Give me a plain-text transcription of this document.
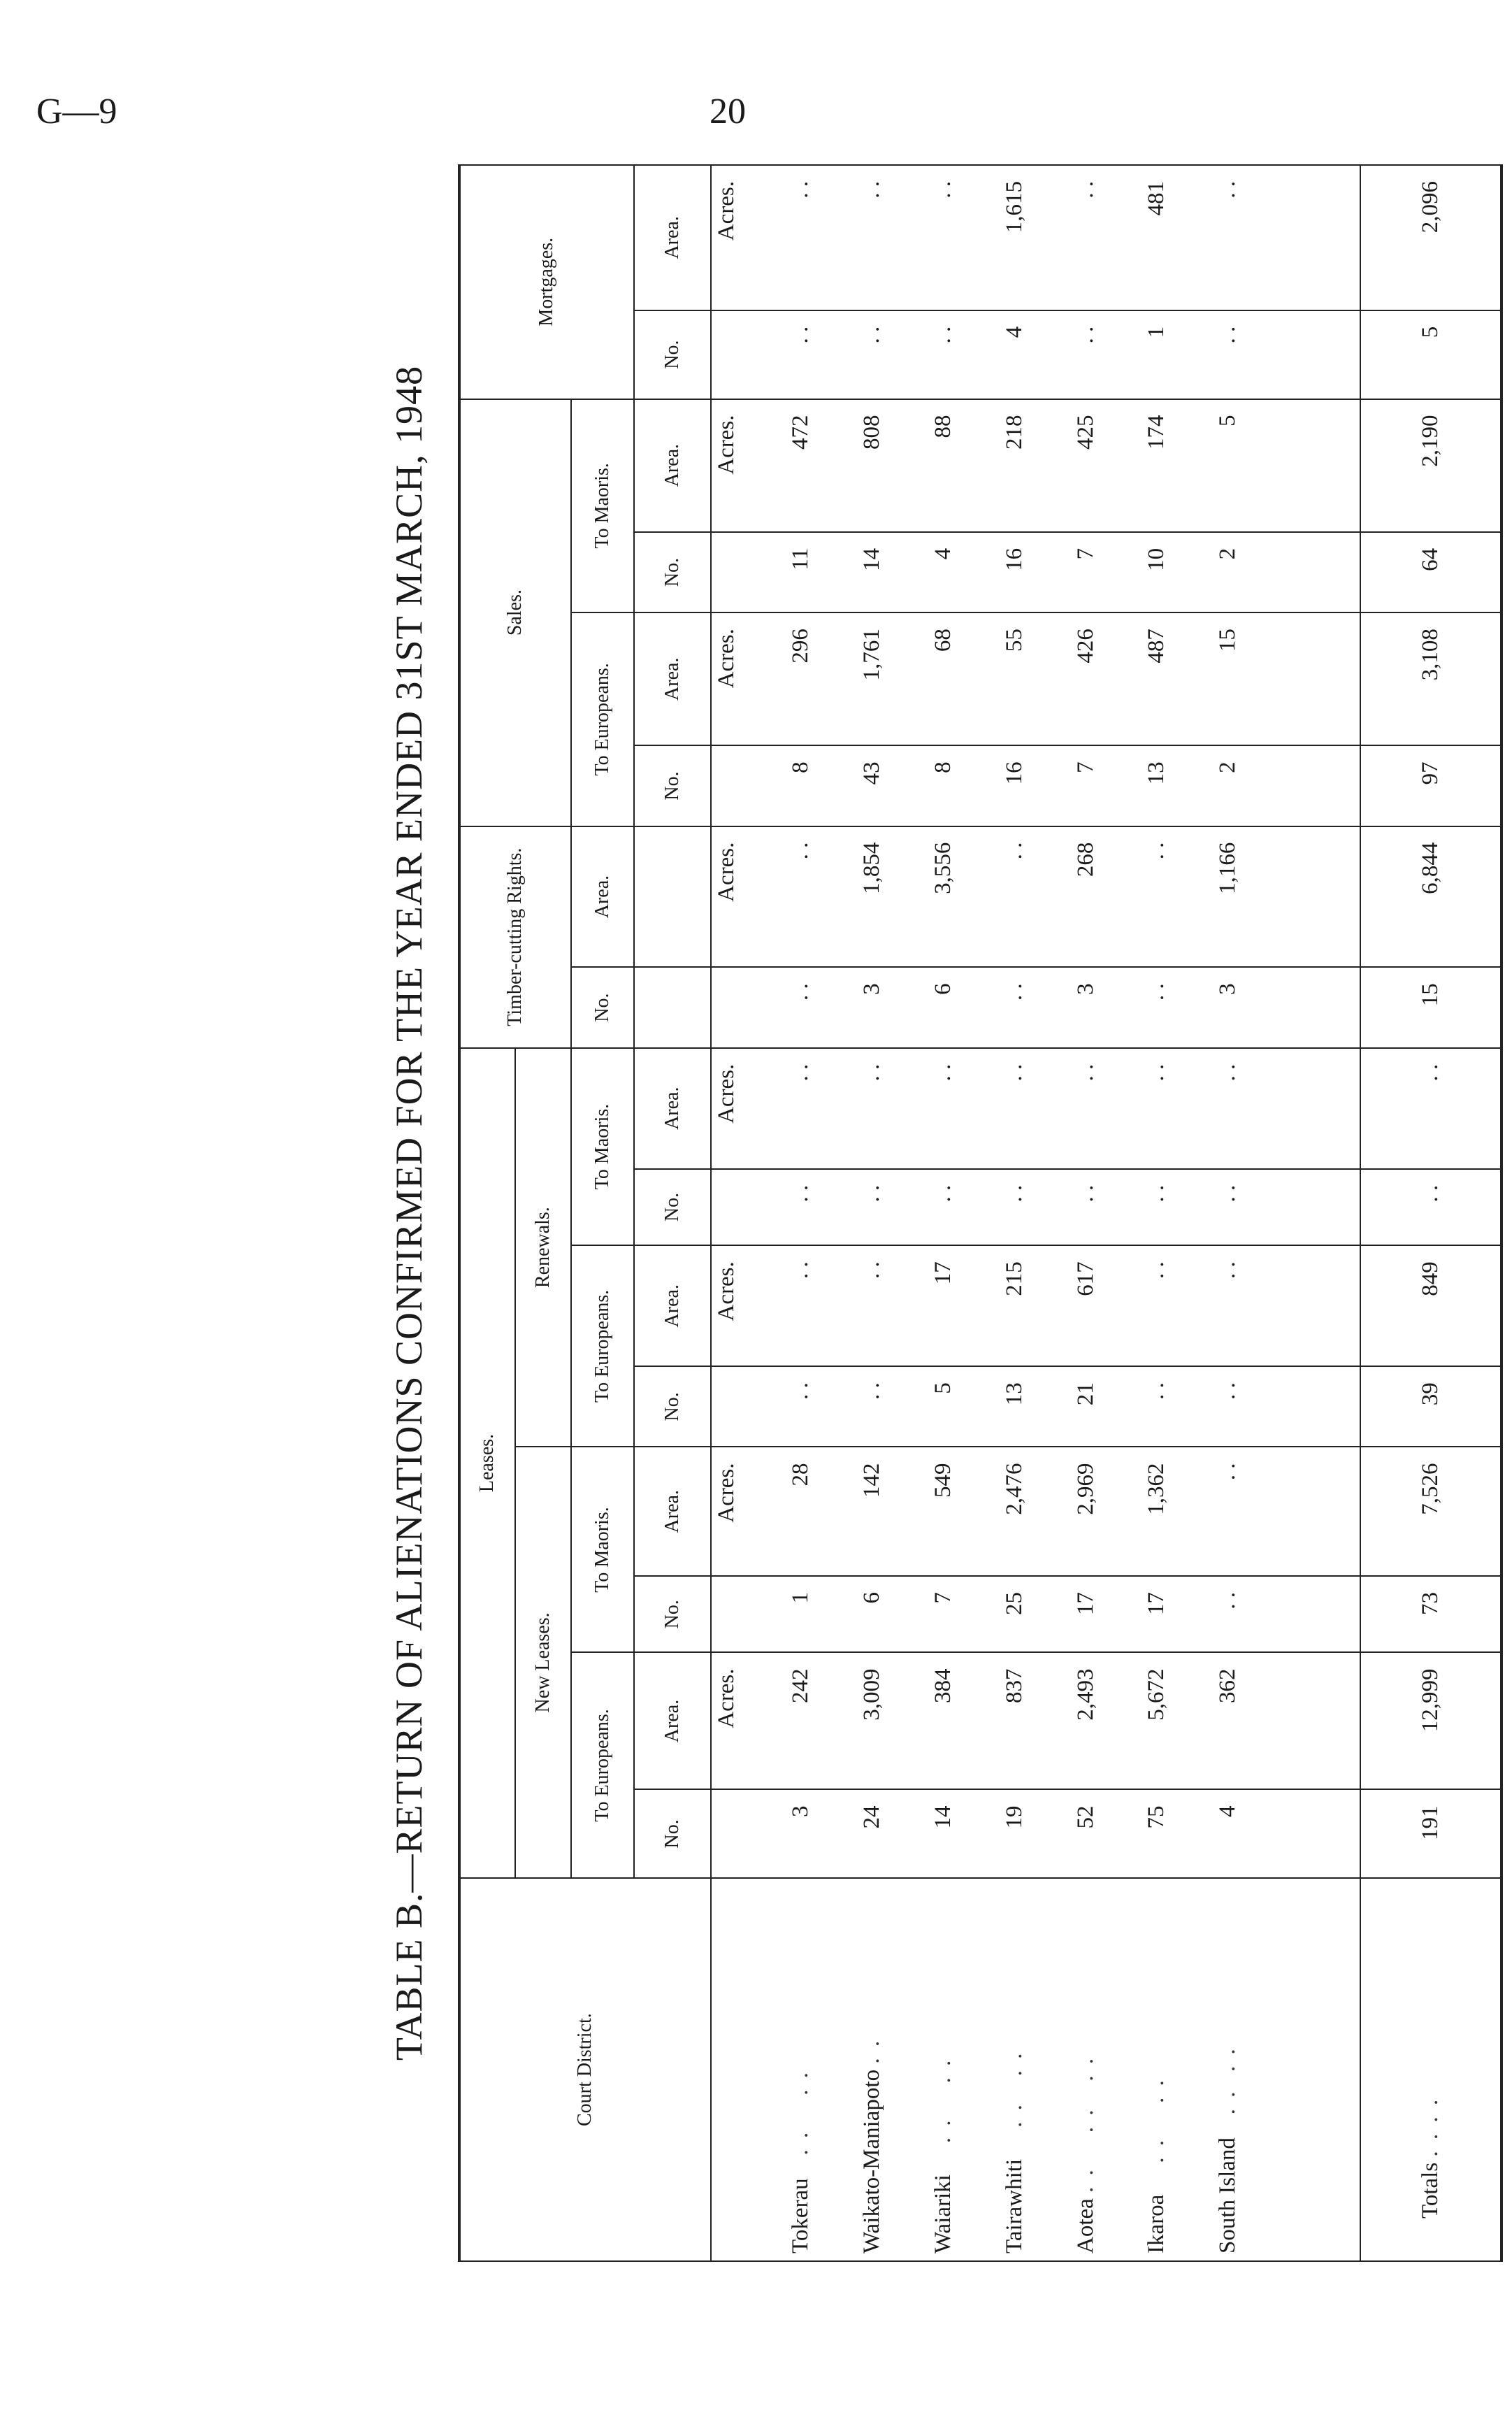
G—9	20
TABLE B.—RETURN OF ALIENATIONS CONFIRMED FOR THE YEAR ENDED 31ST MARCH, 1948
Court District.	Leases.								Timber-cutting Rights.		Sales.				Mortgages.	
	New Leases.				Renewals.											
	To Europeans.		To Maoris.		To Europeans.		To Maoris.		No.	Area.	To Europeans.		To Maoris.			
	No.	Area.	No.	Area.	No.	Area.	No.	Area.			No.	Area.	No.	Area.	No.	Area.
		Acres.		Acres.		Acres.		Acres.		Acres.		Acres.		Acres.		Acres.
Tokerau   . .    . .	3	242	1	28	. .	. .	. .	. .	. .	. .	8	296	11	472	. .	. .
Waikato-Maniapoto . .	24	3,009	6	142	. .	. .	. .	. .	3	1,854	43	1,761	14	808	. .	. .
Waiariki    . .    . .	14	384	7	549	5	17	. .	. .	6	3,556	8	68	4	88	. .	. .
Tairawhiti    . .   . .	19	837	25	2,476	13	215	. .	. .	. .	. .	16	55	16	218	4	1,615
Aotea . .    . .   . .	52	2,493	17	2,969	21	617	. .	. .	3	268	7	426	7	425	. .	. .
Ikaroa    . .    . .	75	5,672	17	1,362	. .	. .	. .	. .	. .	. .	13	487	10	174	1	481
South Island   . .  . .	4	362	. .	. .	. .	. .	. .	. .	3	1,166	2	15	2	5	. .	. .

Totals . . . .	191	12,999	73	7,526	39	849	. .	. .	15	6,844	97	3,108	64	2,190	5	2,096
